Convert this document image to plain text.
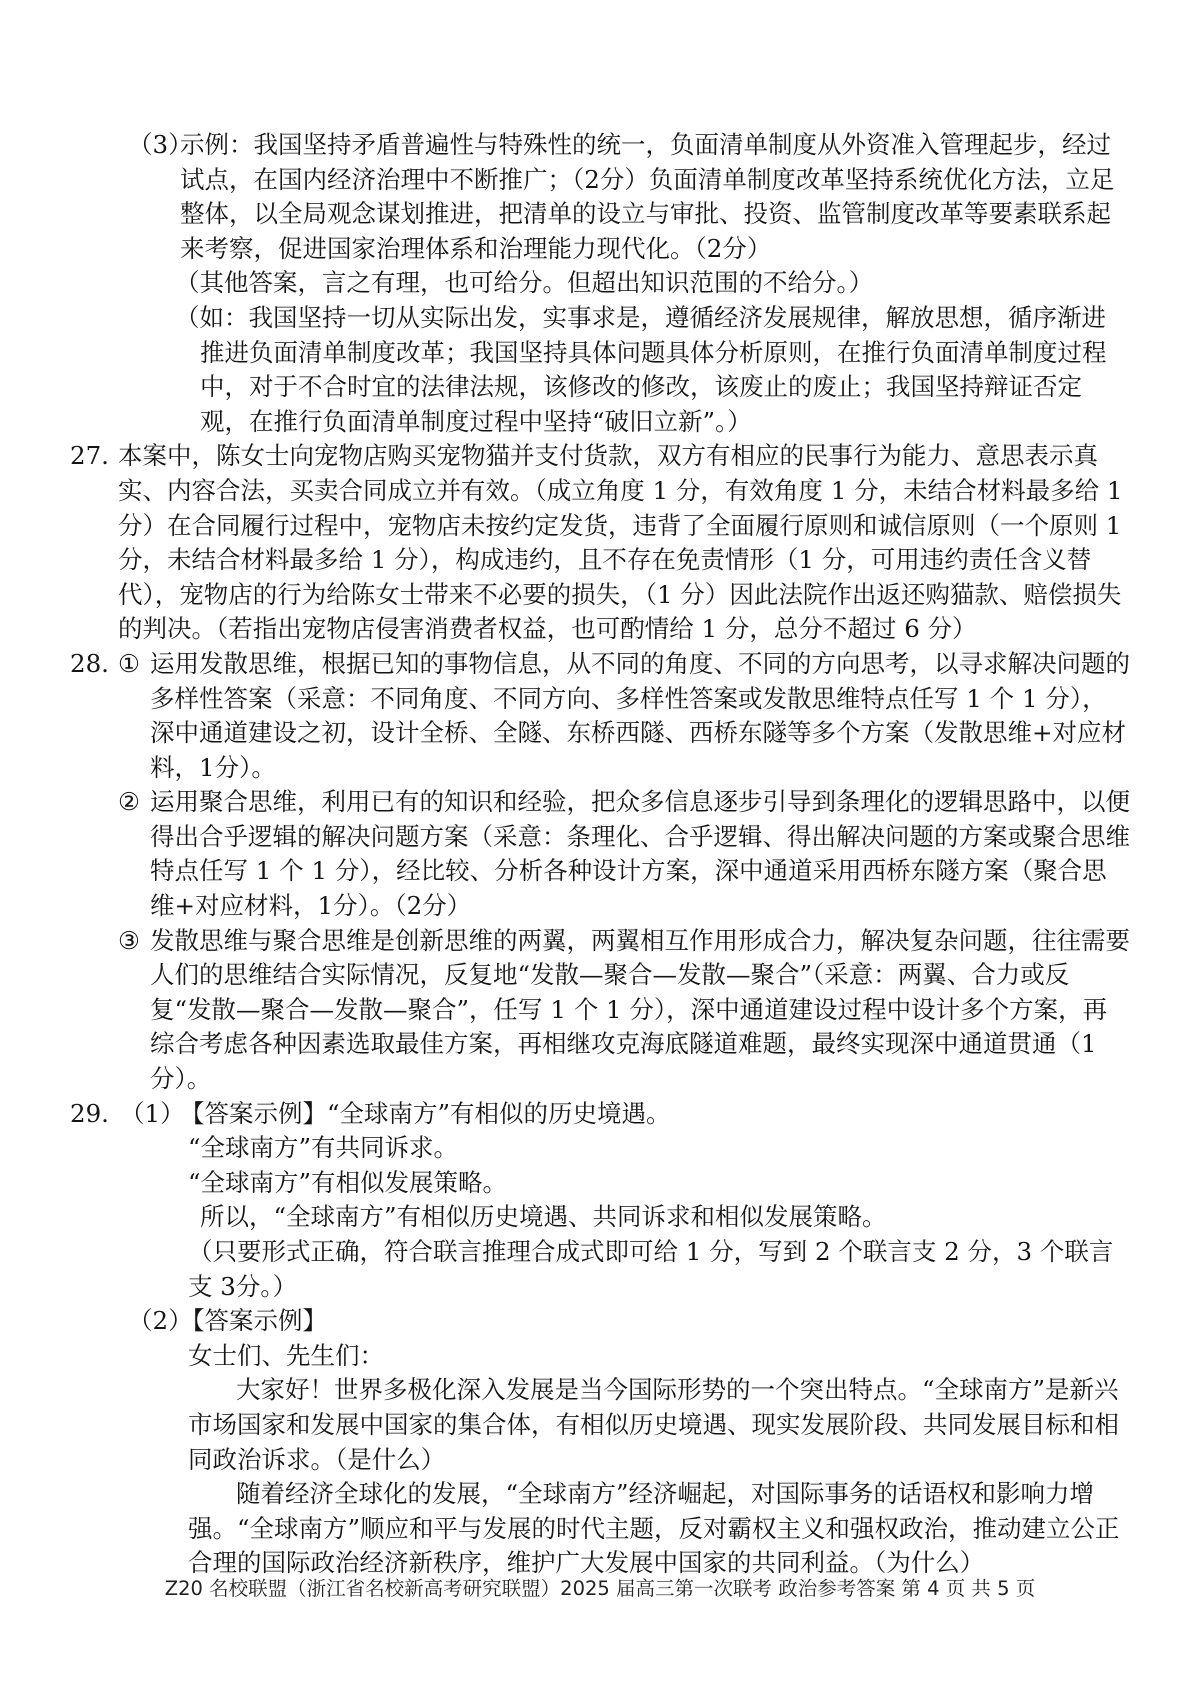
（3）
示例：我国坚持矛盾普遍性与特殊性的统一，负面清单制度从外资准入管理起步，经过试点，在国内经济治理中不断推广；（2分）负面清单制度改革坚持系统优化方法，立足整体，以全局观念谋划推进，把清单的设立与审批、投资、监管制度改革等要素联系起来考察，促进国家治理体系和治理能力现代化。（2分）
（其他答案，言之有理，也可给分。但超出知识范围的不给分。）
（如：我国坚持一切从实际出发，实事求是，遵循经济发展规律，解放思想，循序渐进推进负面清单制度改革；我国坚持具体问题具体分析原则，在推行负面清单制度过程中，对于不合时宜的法律法规，该修改的修改，该废止的废止；我国坚持辩证否定观，在推行负面清单制度过程中坚持“破旧立新”。）
27. 本案中，陈女士向宠物店购买宠物猫并支付货款，双方有相应的民事行为能力、意思表示真实、内容合法，买卖合同成立并有效。（成立角度 1 分，有效角度 1 分，未结合材料最多给 1 分）在合同履行过程中，宠物店未按约定发货，违背了全面履行原则和诚信原则（一个原则 1 分，未结合材料最多给 1 分），构成违约，且不存在免责情形（1 分，可用违约责任含义替代），宠物店的行为给陈女士带来不必要的损失，（1 分）因此法院作出返还购猫款、赔偿损失的判决。（若指出宠物店侵害消费者权益，也可酌情给 1 分，总分不超过 6 分）
28. ① 运用发散思维，根据已知的事物信息，从不同的角度、不同的方向思考，以寻求解决问题的多样性答案（采意：不同角度、不同方向、多样性答案或发散思维特点任写 1 个 1 分），深中通道建设之初，设计全桥、全隧、东桥西隧、西桥东隧等多个方案（发散思维+对应材料，1分）。
② 运用聚合思维，利用已有的知识和经验，把众多信息逐步引导到条理化的逻辑思路中，以便得出合乎逻辑的解决问题方案（采意：条理化、合乎逻辑、得出解决问题的方案或聚合思维特点任写 1 个 1 分），经比较、分析各种设计方案，深中通道采用西桥东隧方案（聚合思维+对应材料，1分）。（2分）
③ 发散思维与聚合思维是创新思维的两翼，两翼相互作用形成合力，解决复杂问题，往往需要人们的思维结合实际情况，反复地“发散—聚合—发散—聚合”（采意：两翼、合力或反复“发散—聚合—发散—聚合”，任写 1 个 1 分），深中通道建设过程中设计多个方案，再综合考虑各种因素选取最佳方案，再相继攻克海底隧道难题，最终实现深中通道贯通（1 分）。
29. （1）
【答案示例】“全球南方”有相似的历史境遇。
“全球南方”有共同诉求。
“全球南方”有相似发展策略。
所以，“全球南方”有相似历史境遇、共同诉求和相似发展策略。
（只要形式正确，符合联言推理合成式即可给 1 分，写到 2 个联言支 2 分，3 个联言支 3分。）
（2）
【答案示例】
女士们、先生们：
大家好！世界多极化深入发展是当今国际形势的一个突出特点。“全球南方”是新兴市场国家和发展中国家的集合体，有相似历史境遇、现实发展阶段、共同发展目标和相同政治诉求。（是什么）
随着经济全球化的发展，“全球南方”经济崛起，对国际事务的话语权和影响力增强。“全球南方”顺应和平与发展的时代主题，反对霸权主义和强权政治，推动建立公正合理的国际政治经济新秩序，维护广大发展中国家的共同利益。（为什么）
Z20 名校联盟（浙江省名校新高考研究联盟）2025 届高三第一次联考 政治参考答案 第 4 页 共 5 页
